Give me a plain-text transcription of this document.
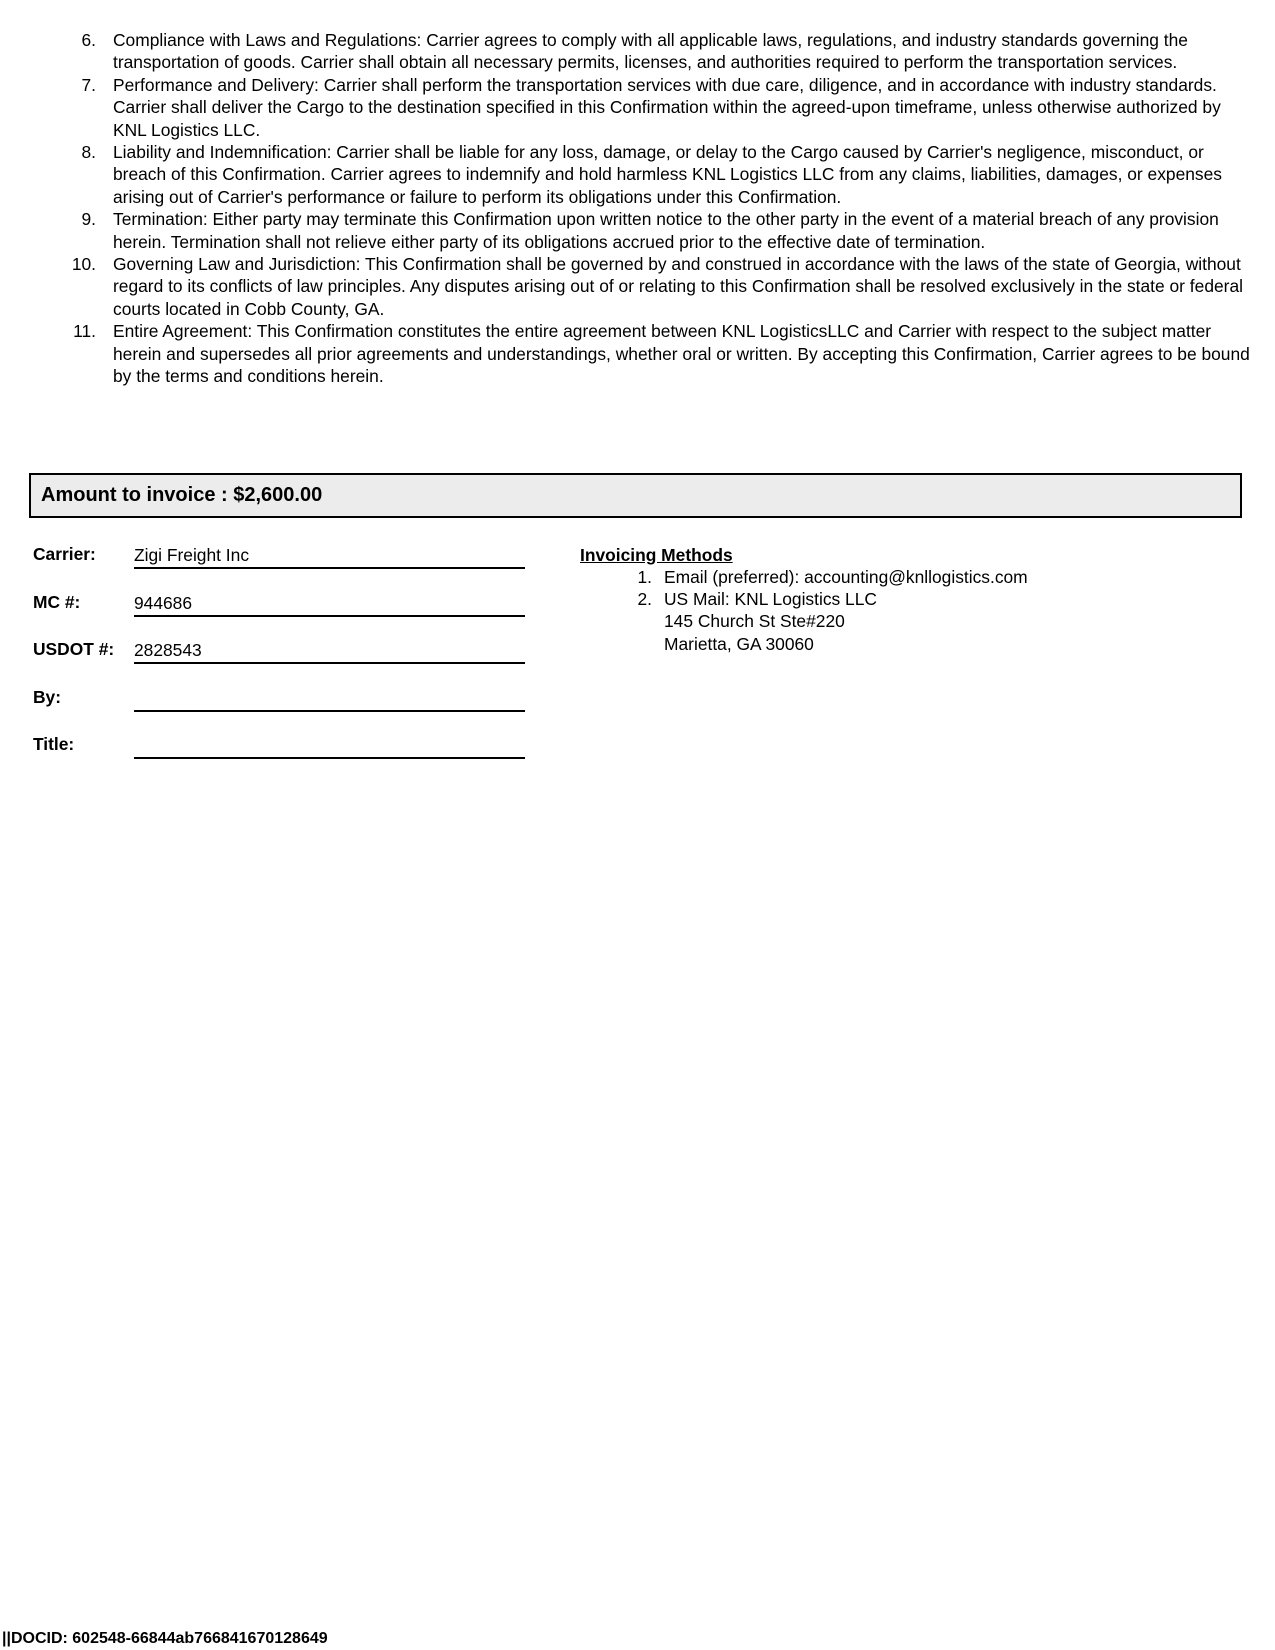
6. Compliance with Laws and Regulations: Carrier agrees to comply with all applicable laws, regulations, and industry standards governing the transportation of goods. Carrier shall obtain all necessary permits, licenses, and authorities required to perform the transportation services.
7. Performance and Delivery: Carrier shall perform the transportation services with due care, diligence, and in accordance with industry standards. Carrier shall deliver the Cargo to the destination specified in this Confirmation within the agreed-upon timeframe, unless otherwise authorized by KNL Logistics LLC.
8. Liability and Indemnification: Carrier shall be liable for any loss, damage, or delay to the Cargo caused by Carrier's negligence, misconduct, or breach of this Confirmation. Carrier agrees to indemnify and hold harmless KNL Logistics LLC from any claims, liabilities, damages, or expenses arising out of Carrier's performance or failure to perform its obligations under this Confirmation.
9. Termination: Either party may terminate this Confirmation upon written notice to the other party in the event of a material breach of any provision herein. Termination shall not relieve either party of its obligations accrued prior to the effective date of termination.
10. Governing Law and Jurisdiction: This Confirmation shall be governed by and construed in accordance with the laws of the state of Georgia, without regard to its conflicts of law principles. Any disputes arising out of or relating to this Confirmation shall be resolved exclusively in the state or federal courts located in Cobb County, GA.
11. Entire Agreement: This Confirmation constitutes the entire agreement between KNL LogisticsLLC and Carrier with respect to the subject matter herein and supersedes all prior agreements and understandings, whether oral or written. By accepting this Confirmation, Carrier agrees to be bound by the terms and conditions herein.
Amount to invoice : $2,600.00
Carrier: Zigi Freight Inc
MC #:	944686
USDOT #: 2828543
By:
Title:
Invoicing Methods
1. Email (preferred): accounting@knllogistics.com
2. US Mail: KNL Logistics LLC
145 Church St Ste#220
Marietta, GA 30060
||DOCID: 602548-66844ab766841670128649
